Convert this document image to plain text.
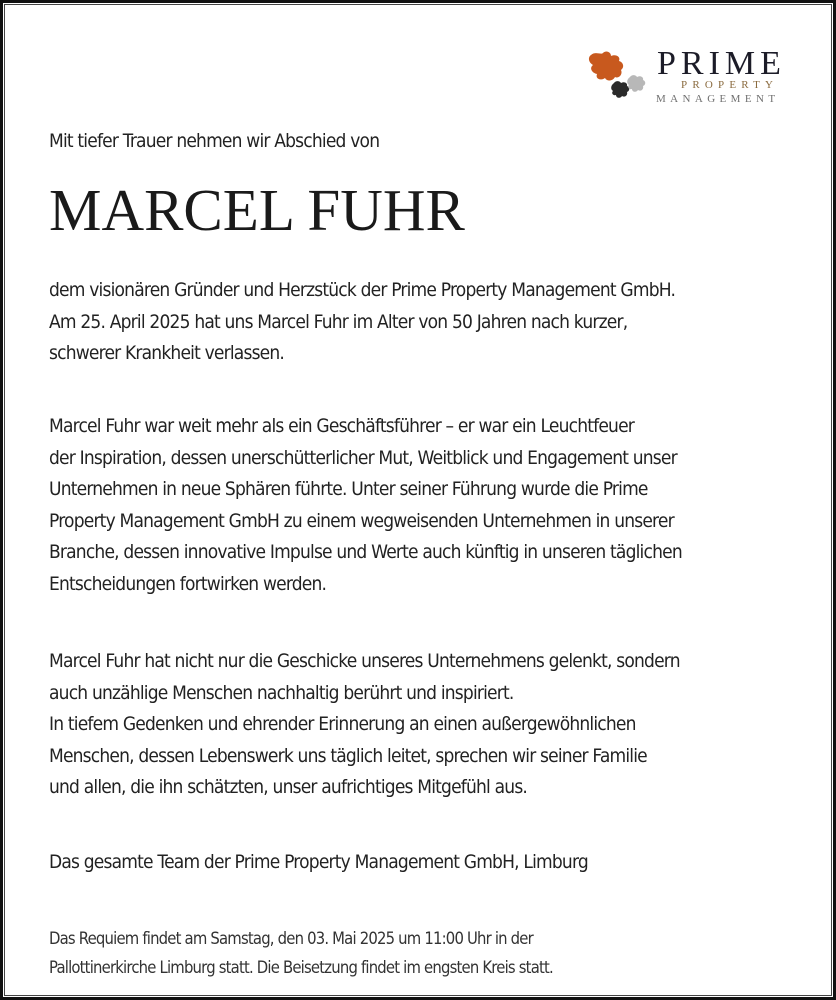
PRIME
PROPERTY
MANAGEMENT
Mit tiefer Trauer nehmen wir Abschied von
MARCEL FUHR
dem visionären Gründer und Herzstück der Prime Property Management GmbH.
Am 25. April 2025 hat uns Marcel Fuhr im Alter von 50 Jahren nach kurzer,
schwerer Krankheit verlassen.
Marcel Fuhr war weit mehr als ein Geschäftsführer – er war ein Leuchtfeuer
der Inspiration, dessen unerschütterlicher Mut, Weitblick und Engagement unser
Unternehmen in neue Sphären führte. Unter seiner Führung wurde die Prime
Property Management GmbH zu einem wegweisenden Unternehmen in unserer
Branche, dessen innovative Impulse und Werte auch künftig in unseren täglichen
Entscheidungen fortwirken werden.
Marcel Fuhr hat nicht nur die Geschicke unseres Unternehmens gelenkt, sondern
auch unzählige Menschen nachhaltig berührt und inspiriert.
In tiefem Gedenken und ehrender Erinnerung an einen außergewöhnlichen
Menschen, dessen Lebenswerk uns täglich leitet, sprechen wir seiner Familie
und allen, die ihn schätzten, unser aufrichtiges Mitgefühl aus.
Das gesamte Team der Prime Property Management GmbH, Limburg
Das Requiem findet am Samstag, den 03. Mai 2025 um 11:00 Uhr in der
Pallottinerkirche Limburg statt. Die Beisetzung findet im engsten Kreis statt.
